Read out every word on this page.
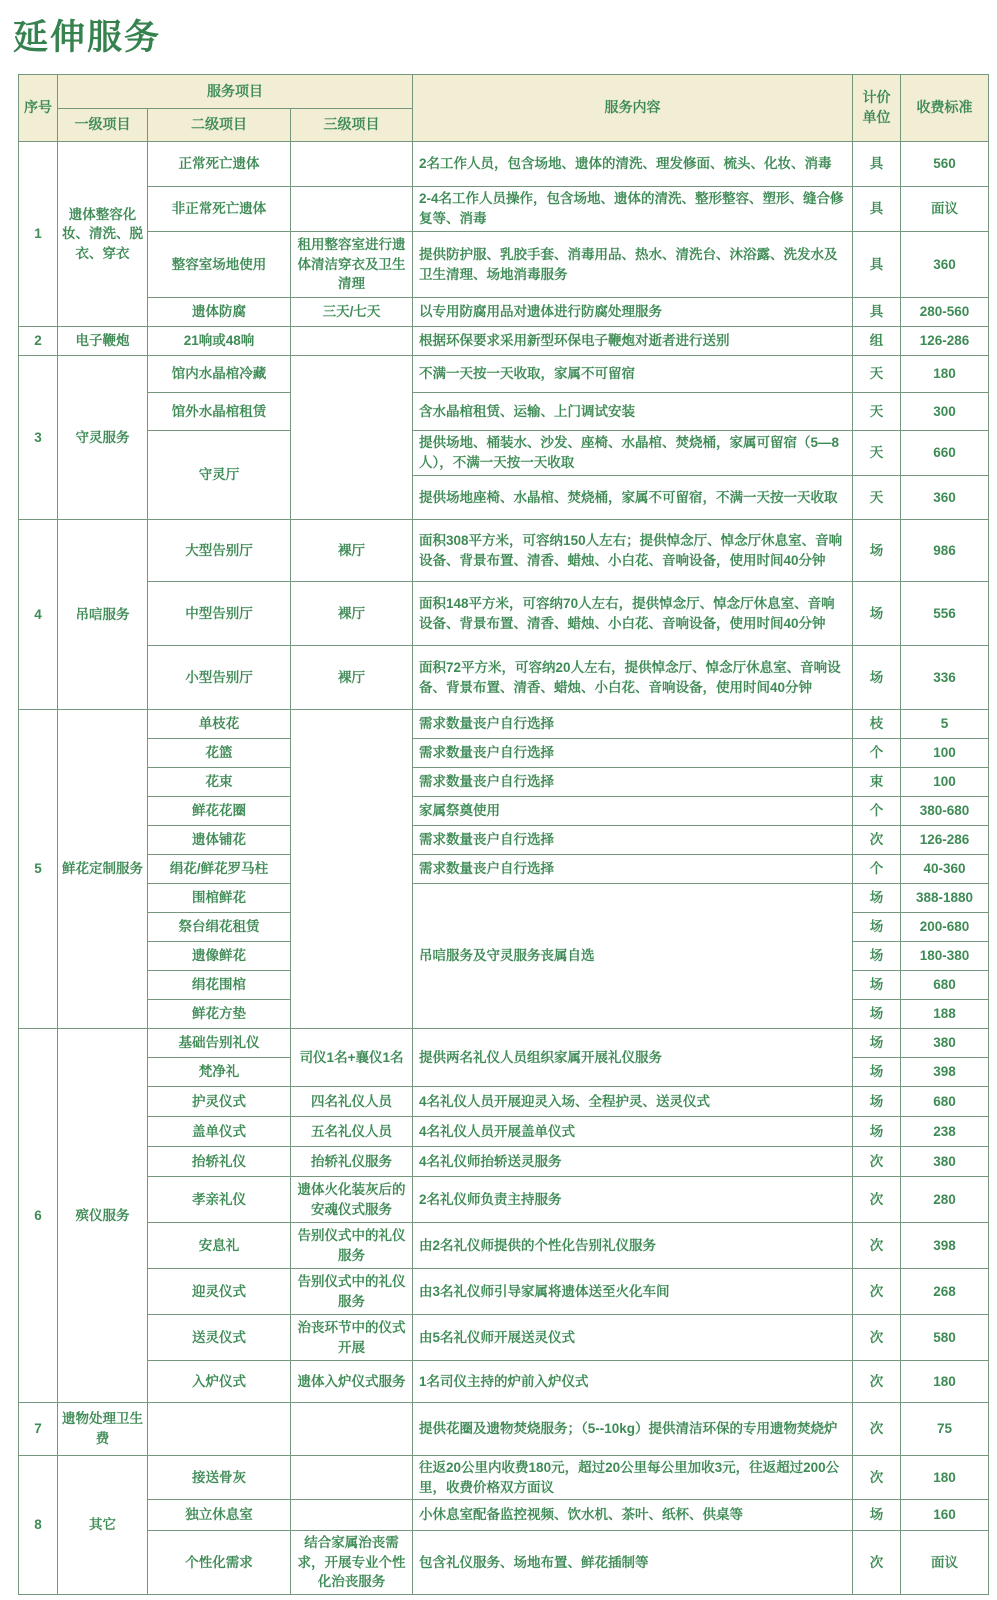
延伸服务
序号	服务项目			服务内容	计价单位	收费标准
	一级项目	二级项目	三级项目			
1	遗体整容化妆、清洗、脱衣、穿衣	正常死亡遗体		2名工作人员，包含场地、遗体的清洗、理发修面、梳头、化妆、消毒	具	560
		非正常死亡遗体		2-4名工作人员操作，包含场地、遗体的清洗、整形整容、塑形、缝合修复等、消毒	具	面议
		整容室场地使用	租用整容室进行遗体清洁穿衣及卫生清理	提供防护服、乳胶手套、消毒用品、热水、清洗台、沐浴露、洗发水及卫生清理、场地消毒服务	具	360
		遗体防腐	三天/七天	以专用防腐用品对遗体进行防腐处理服务	具	280-560
2	电子鞭炮	21响或48响		根据环保要求采用新型环保电子鞭炮对逝者进行送别	组	126-286
3	守灵服务	馆内水晶棺冷藏		不满一天按一天收取，家属不可留宿	天	180
		馆外水晶棺租赁		含水晶棺租赁、运输、上门调试安装	天	300
		守灵厅		提供场地、桶装水、沙发、座椅、水晶棺、焚烧桶，家属可留宿（5—8人），不满一天按一天收取	天	660
				提供场地座椅、水晶棺、焚烧桶，家属不可留宿，不满一天按一天收取	天	360
4	吊唁服务	大型告别厅	裸厅	面积308平方米，可容纳150人左右；提供悼念厅、悼念厅休息室、音响设备、背景布置、清香、蜡烛、小白花、音响设备，使用时间40分钟	场	986
		中型告别厅	裸厅	面积148平方米，可容纳70人左右，提供悼念厅、悼念厅休息室、音响设备、背景布置、清香、蜡烛、小白花、音响设备，使用时间40分钟	场	556
		小型告别厅	裸厅	面积72平方米，可容纳20人左右，提供悼念厅、悼念厅休息室、音响设备、背景布置、清香、蜡烛、小白花、音响设备，使用时间40分钟	场	336
5	鲜花定制服务	单枝花		需求数量丧户自行选择	枝	5
		花篮		需求数量丧户自行选择	个	100
		花束		需求数量丧户自行选择	束	100
		鲜花花圈		家属祭奠使用	个	380-680
		遗体铺花		需求数量丧户自行选择	次	126-286
		绢花/鲜花罗马柱		需求数量丧户自行选择	个	40-360
		围棺鲜花		吊唁服务及守灵服务丧属自选	场	388-1880
		祭台绢花租赁			场	200-680
		遗像鲜花			场	180-380
		绢花围棺			场	680
		鲜花方垫			场	188
6	殡仪服务	基础告别礼仪	司仪1名+襄仪1名	提供两名礼仪人员组织家属开展礼仪服务	场	380
		梵净礼			场	398
		护灵仪式	四名礼仪人员	4名礼仪人员开展迎灵入场、全程护灵、送灵仪式	场	680
		盖单仪式	五名礼仪人员	4名礼仪人员开展盖单仪式	场	238
		抬轿礼仪	抬轿礼仪服务	4名礼仪师抬轿送灵服务	次	380
		孝亲礼仪	遗体火化装灰后的安魂仪式服务	2名礼仪师负责主持服务	次	280
		安息礼	告别仪式中的礼仪服务	由2名礼仪师提供的个性化告别礼仪服务	次	398
		迎灵仪式	告别仪式中的礼仪服务	由3名礼仪师引导家属将遗体送至火化车间	次	268
		送灵仪式	治丧环节中的仪式开展	由5名礼仪师开展送灵仪式	次	580
		入炉仪式	遗体入炉仪式服务	1名司仪主持的炉前入炉仪式	次	180
7	遗物处理卫生费			提供花圈及遗物焚烧服务；（5--10kg）提供清洁环保的专用遗物焚烧炉	次	75
8	其它	接送骨灰		往返20公里内收费180元，超过20公里每公里加收3元，往返超过200公里，收费价格双方面议	次	180
		独立休息室		小休息室配备监控视频、饮水机、茶叶、纸杯、供桌等	场	160
		个性化需求	结合家属治丧需求，开展专业个性化治丧服务	包含礼仪服务、场地布置、鲜花插制等	次	面议
